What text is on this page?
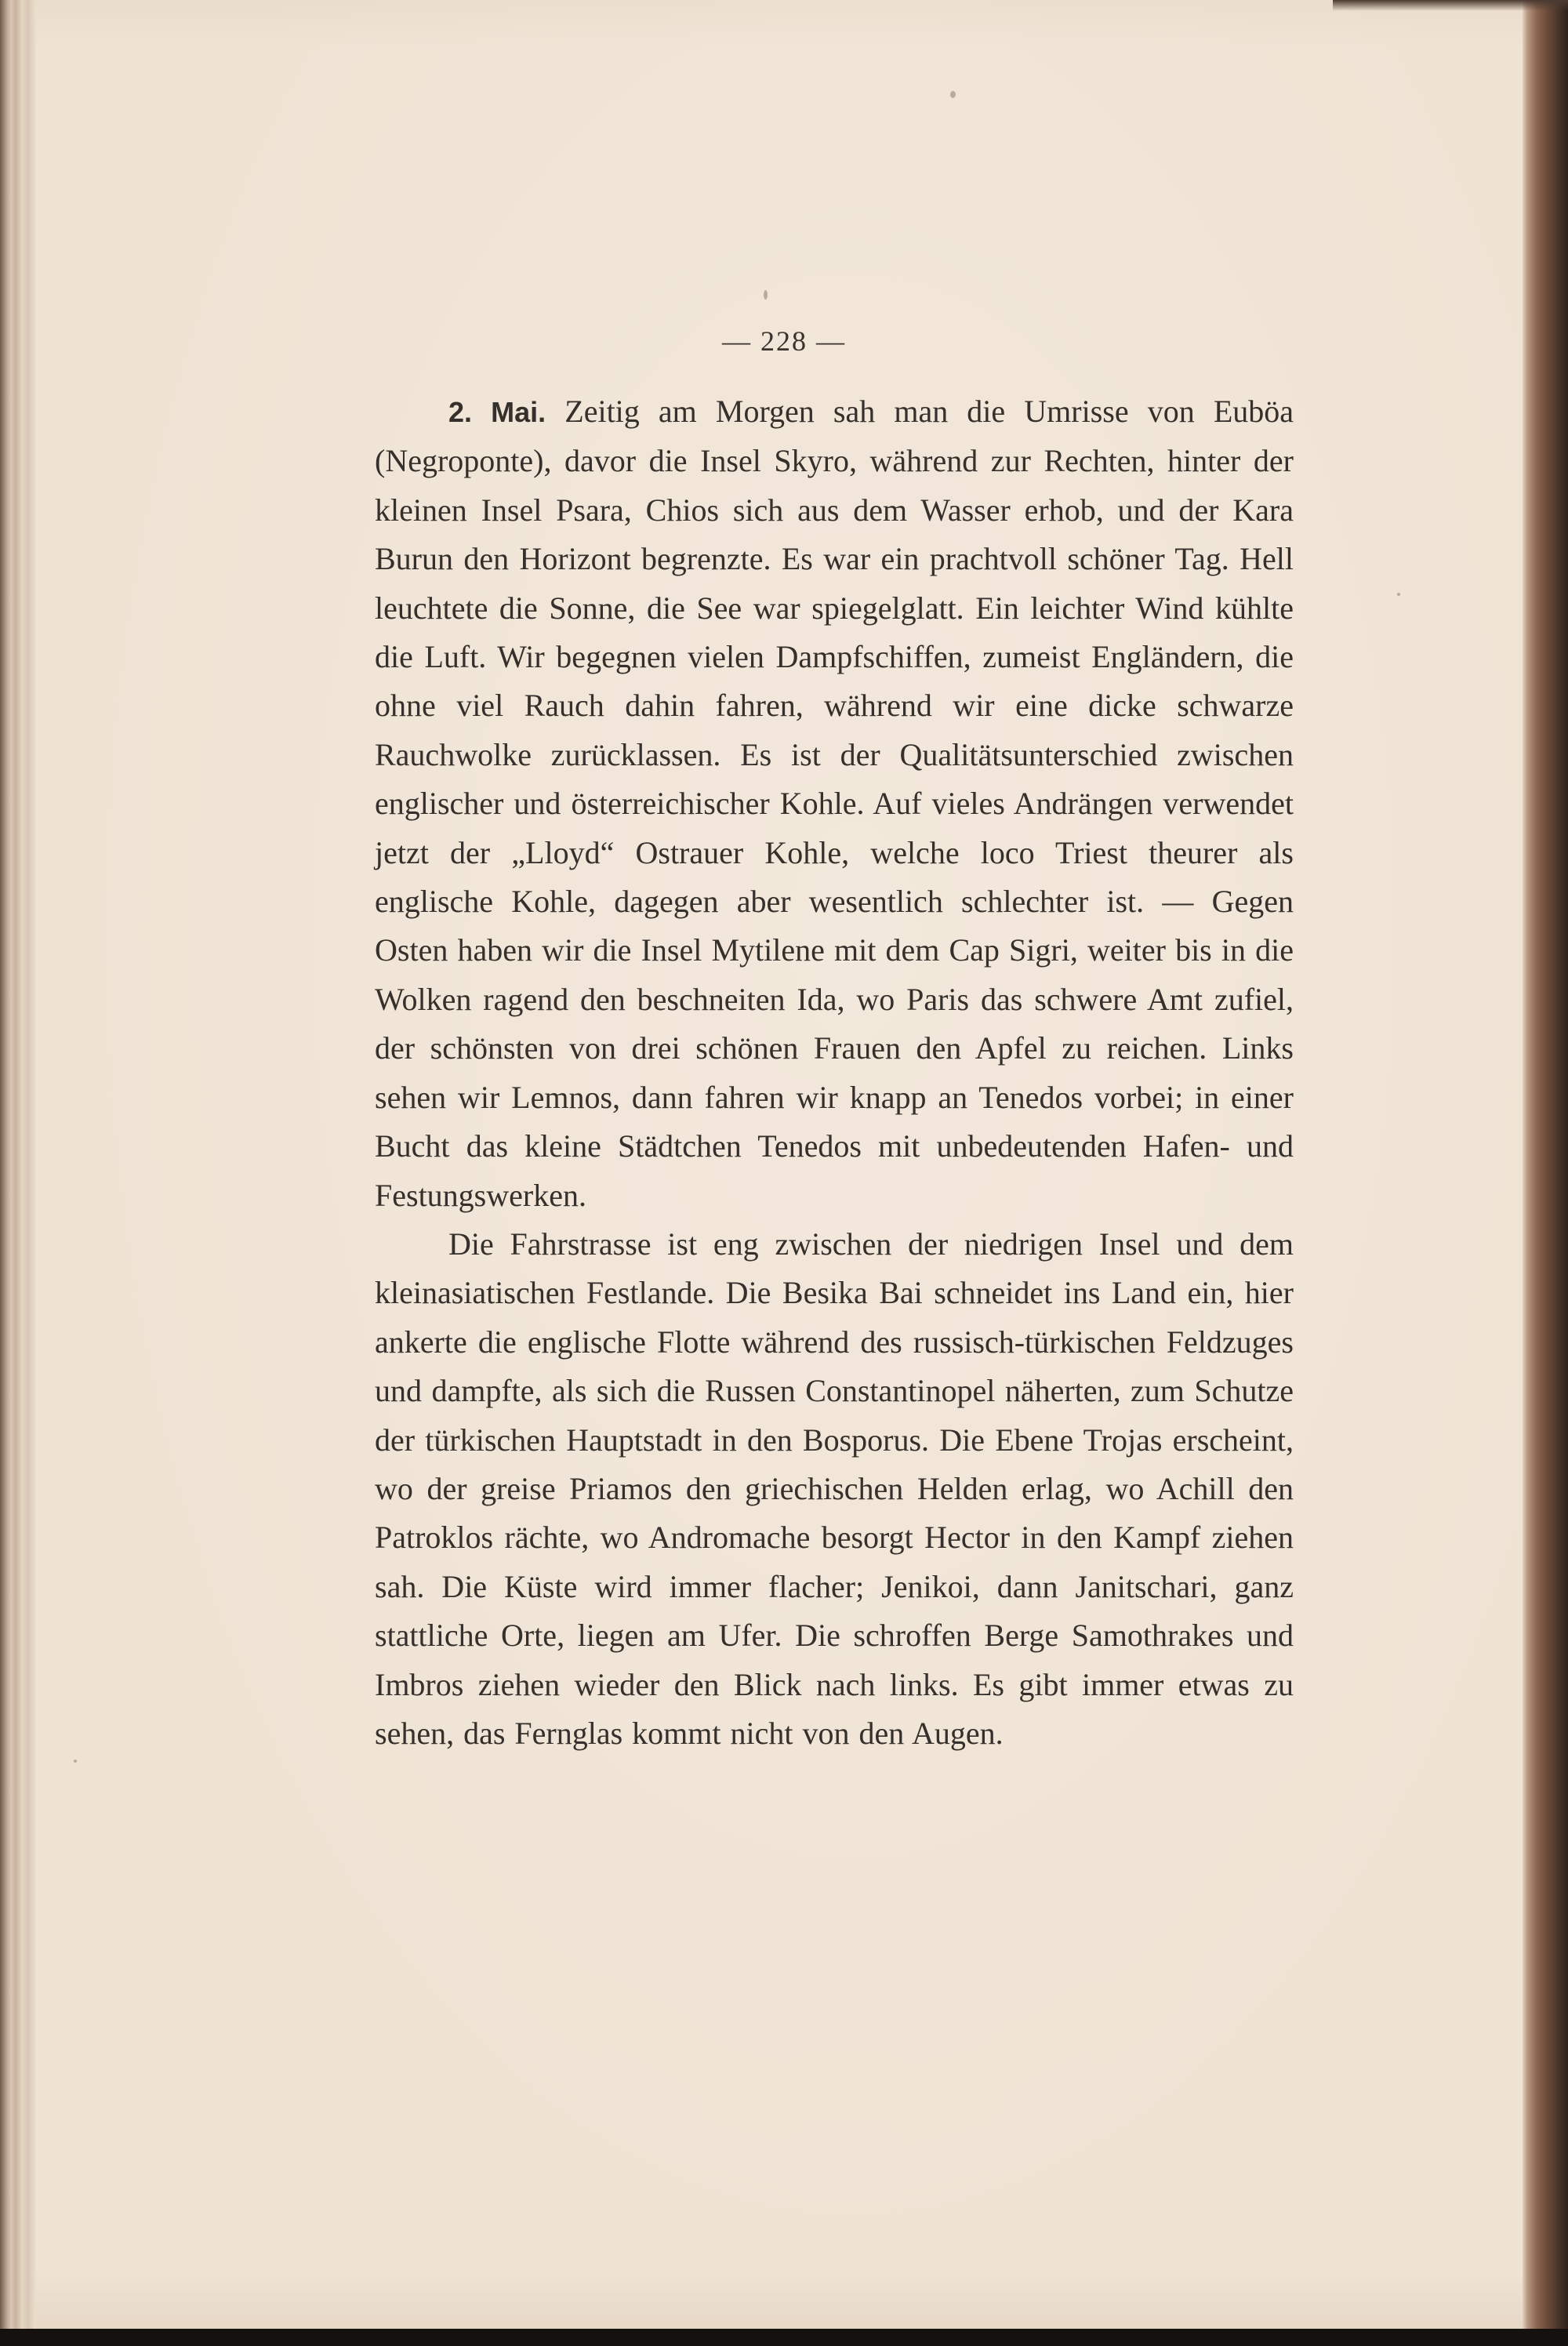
— 228 —

2. Mai. Zeitig am Morgen sah man die Umrisse von Euböa (Negroponte), davor die Insel Skyro, während zur Rechten, hinter der kleinen Insel Psara, Chios sich aus dem Wasser erhob, und der Kara Burun den Horizont begrenzte. Es war ein prachtvoll schöner Tag. Hell leuchtete die Sonne, die See war spiegelglatt. Ein leichter Wind kühlte die Luft. Wir begegnen vielen Dampfschiffen, zumeist Engländern, die ohne viel Rauch dahin fahren, während wir eine dicke schwarze Rauchwolke zurücklassen. Es ist der Qualitätsunterschied zwischen englischer und österreichischer Kohle. Auf vieles Andrängen verwendet jetzt der „Lloyd“ Ostrauer Kohle, welche loco Triest theurer als englische Kohle, dagegen aber wesentlich schlechter ist. — Gegen Osten haben wir die Insel Mytilene mit dem Cap Sigri, weiter bis in die Wolken ragend den beschneiten Ida, wo Paris das schwere Amt zufiel, der schönsten von drei schönen Frauen den Apfel zu reichen. Links sehen wir Lemnos, dann fahren wir knapp an Tenedos vorbei; in einer Bucht das kleine Städtchen Tenedos mit unbedeutenden Hafen- und Festungswerken.

Die Fahrstrasse ist eng zwischen der niedrigen Insel und dem kleinasiatischen Festlande. Die Besika Bai schneidet ins Land ein, hier ankerte die englische Flotte während des russisch-türkischen Feldzuges und dampfte, als sich die Russen Constantinopel näherten, zum Schutze der türkischen Hauptstadt in den Bosporus. Die Ebene Trojas erscheint, wo der greise Priamos den griechischen Helden erlag, wo Achill den Patroklos rächte, wo Andromache besorgt Hector in den Kampf ziehen sah. Die Küste wird immer flacher; Jenikoi, dann Janitschari, ganz stattliche Orte, liegen am Ufer. Die schroffen Berge Samothrakes und Imbros ziehen wieder den Blick nach links. Es gibt immer etwas zu sehen, das Fernglas kommt nicht von den Augen.
